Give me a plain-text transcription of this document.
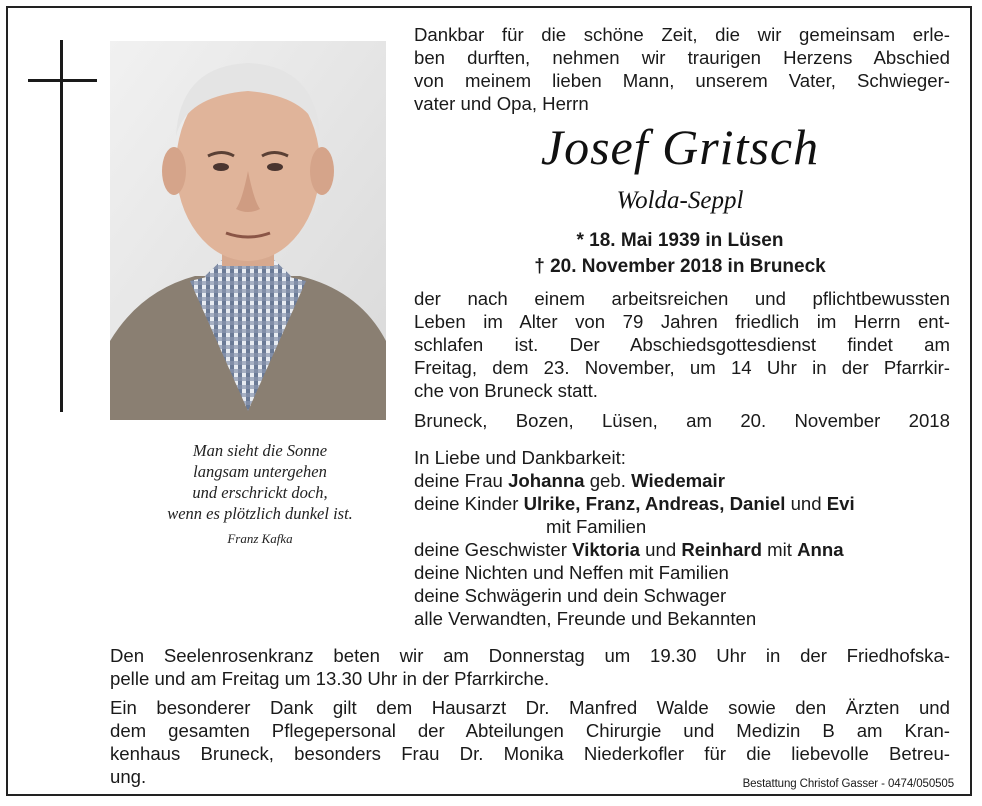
Man sieht die Sonne
langsam untergehen
und erschrickt doch,
wenn es plötzlich dunkel ist.
Franz Kafka
Dankbar für die schöne Zeit, die wir gemeinsam erle-
ben durften, nehmen wir traurigen Herzens Abschied
von meinem lieben Mann, unserem Vater, Schwieger-
vater und Opa, Herrn
Josef Gritsch
Wolda-Seppl
* 18. Mai 1939 in Lüsen
† 20. November 2018 in Bruneck
der nach einem arbeitsreichen und pflichtbewussten
Leben im Alter von 79 Jahren friedlich im Herrn ent-
schlafen ist. Der Abschiedsgottesdienst findet am
Freitag, dem 23. November, um 14 Uhr in der Pfarrkir-
che von Bruneck statt.
Bruneck, Bozen, Lüsen, am 20. November 2018
In Liebe und Dankbarkeit:
deine Frau Johanna geb. Wiedemair
deine Kinder Ulrike, Franz, Andreas, Daniel und Evi
mit Familien
deine Geschwister Viktoria und Reinhard mit Anna
deine Nichten und Neffen mit Familien
deine Schwägerin und dein Schwager
alle Verwandten, Freunde und Bekannten
Den Seelenrosenkranz beten wir am Donnerstag um 19.30 Uhr in der Friedhofska-
pelle und am Freitag um 13.30 Uhr in der Pfarrkirche.
Ein besonderer Dank gilt dem Hausarzt Dr. Manfred Walde sowie den Ärzten und
dem gesamten Pflegepersonal der Abteilungen Chirurgie und Medizin B am Kran-
kenhaus Bruneck, besonders Frau Dr. Monika Niederkofler für die liebevolle Betreu-
ung.	Bestattung Christof Gasser - 0474/050505
